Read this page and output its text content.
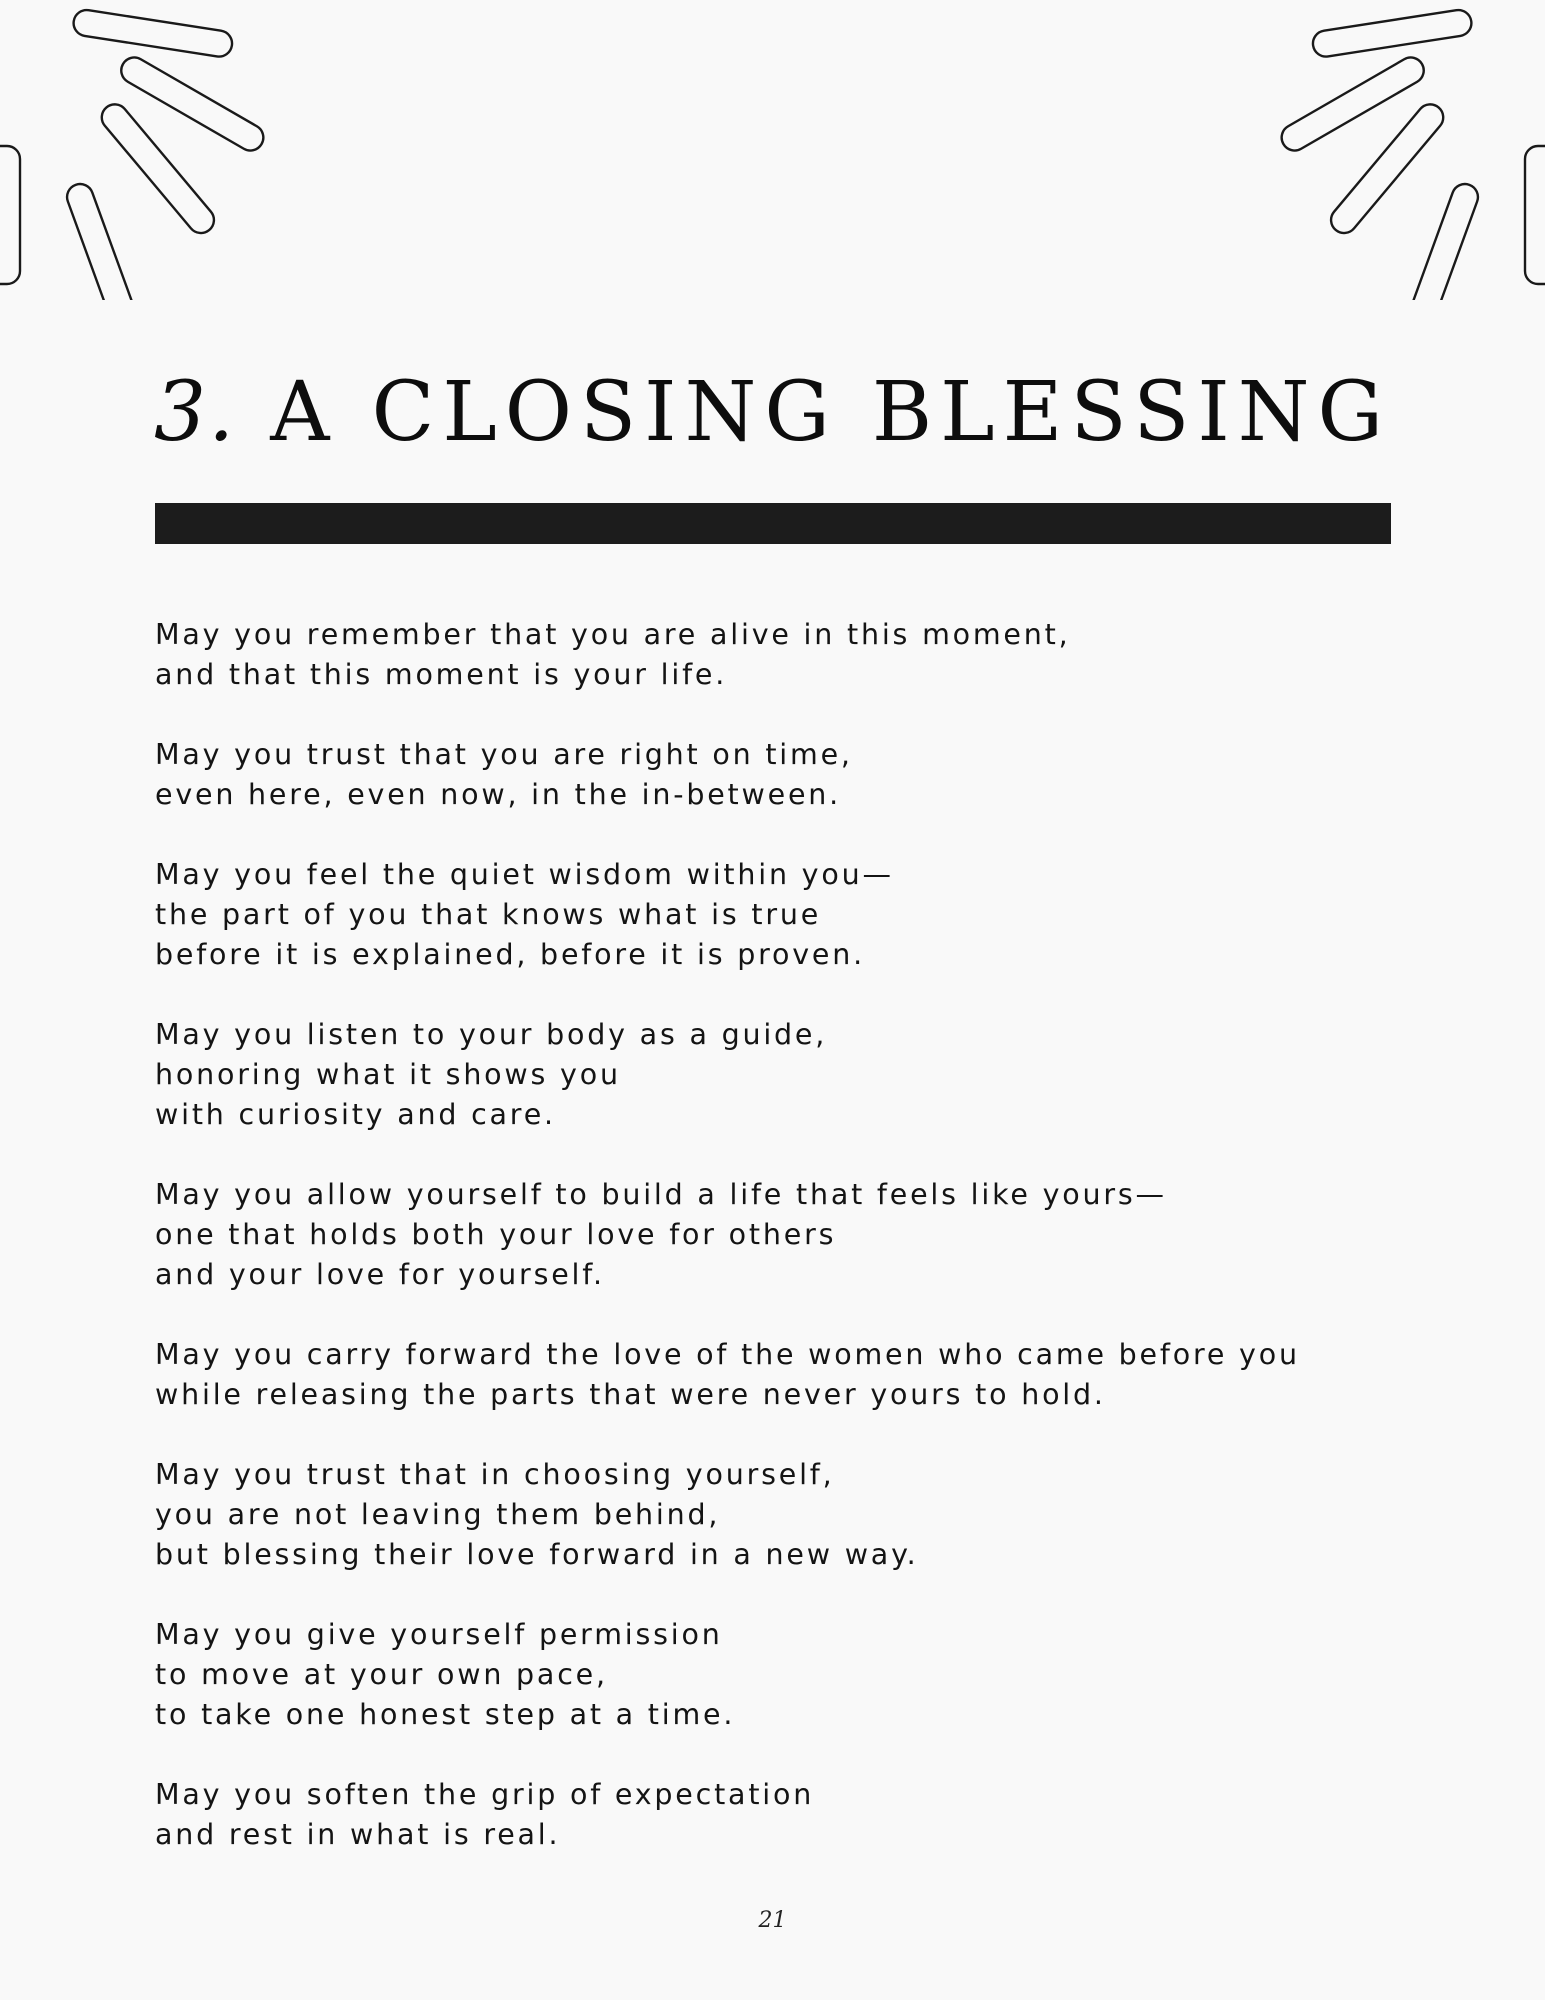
3. A CLOSING BLESSING

May you remember that you are alive in this moment,
and that this moment is your life.

May you trust that you are right on time,
even here, even now, in the in-between.

May you feel the quiet wisdom within you—
the part of you that knows what is true
before it is explained, before it is proven.

May you listen to your body as a guide,
honoring what it shows you
with curiosity and care.

May you allow yourself to build a life that feels like yours—
one that holds both your love for others
and your love for yourself.

May you carry forward the love of the women who came before you
while releasing the parts that were never yours to hold.

May you trust that in choosing yourself,
you are not leaving them behind,
but blessing their love forward in a new way.

May you give yourself permission
to move at your own pace,
to take one honest step at a time.

May you soften the grip of expectation
and rest in what is real.

21
